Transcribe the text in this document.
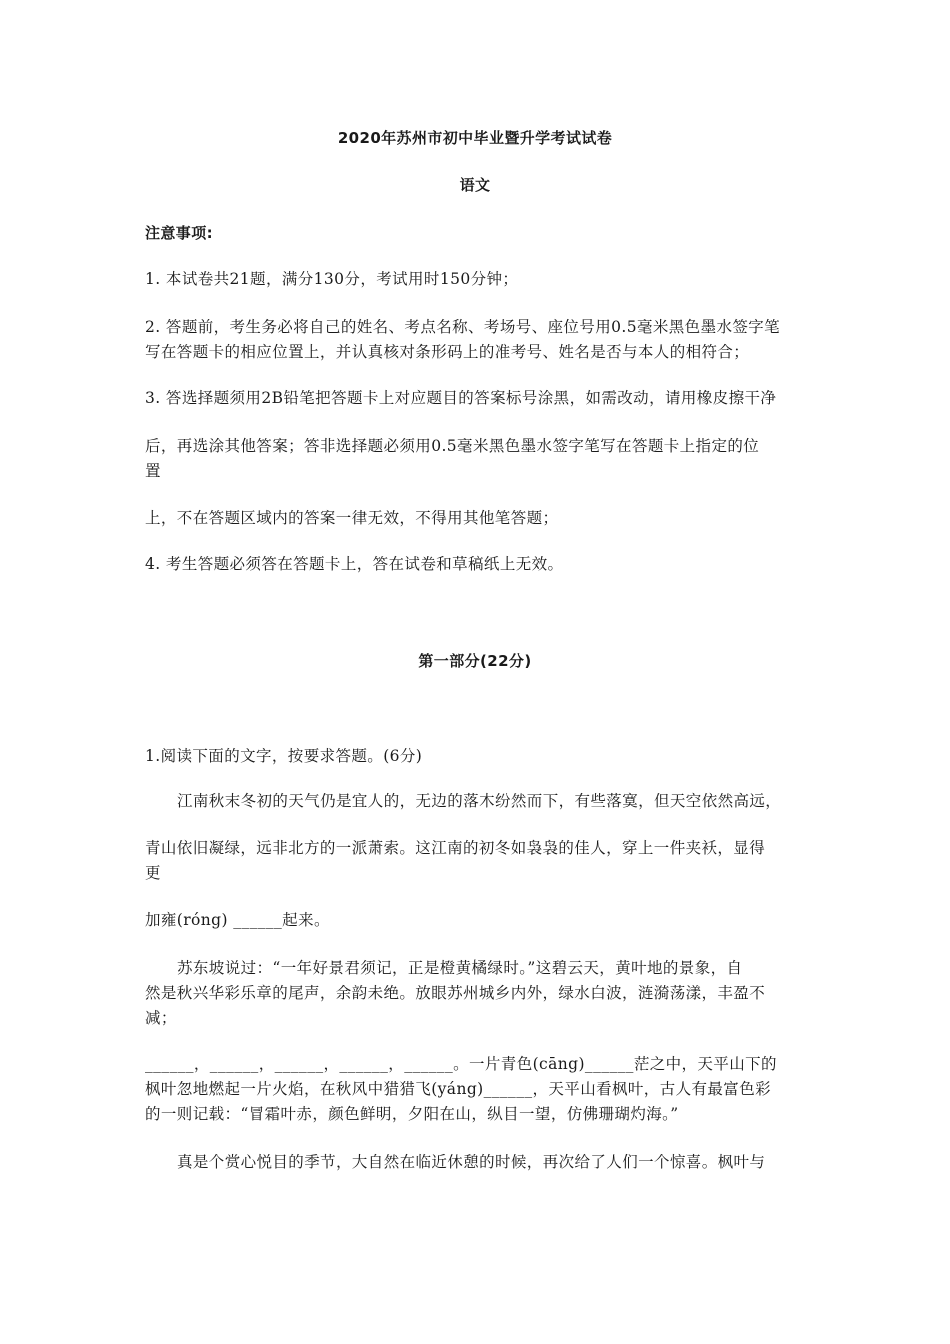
2020年苏州市初中毕业暨升学考试试卷
语文
注意事项:
1. 本试卷共21题，满分130分，考试用时150分钟；
2. 答题前，考生务必将自己的姓名、考点名称、考场号、座位号用0.5毫米黑色墨水签字笔
写在答题卡的相应位置上，并认真核对条形码上的准考号、姓名是否与本人的相符合；
3. 答选择题须用2B铅笔把答题卡上对应题目的答案标号涂黑，如需改动，请用橡皮擦干净
后，再选涂其他答案；答非选择题必须用0.5毫米黑色墨水签字笔写在答题卡上指定的位
置
上，不在答题区域内的答案一律无效，不得用其他笔答题；
4. 考生答题必须答在答题卡上，答在试卷和草稿纸上无效。
第一部分(22分)
1.阅读下面的文字，按要求答题。(6分)
江南秋末冬初的天气仍是宜人的，无边的落木纷然而下，有些落寞，但天空依然高远，
青山依旧凝绿，远非北方的一派萧索。这江南的初冬如袅袅的佳人，穿上一件夹袄，显得
更
加雍(róng) ______起来。
苏东坡说过：“一年好景君须记，正是橙黄橘绿时。”这碧云天，黄叶地的景象，自
然是秋兴华彩乐章的尾声，余韵未绝。放眼苏州城乡内外，绿水白波，涟漪荡漾，丰盈不
减；
______，______，______，______，______。一片青色(cāng)______茫之中，天平山下的
枫叶忽地燃起一片火焰，在秋风中猎猎飞(yáng)______，天平山看枫叶，古人有最富色彩
的一则记载：“冒霜叶赤，颜色鲜明，夕阳在山，纵目一望，仿佛珊瑚灼海。”
真是个赏心悦目的季节，大自然在临近休憩的时候，再次给了人们一个惊喜。枫叶与
